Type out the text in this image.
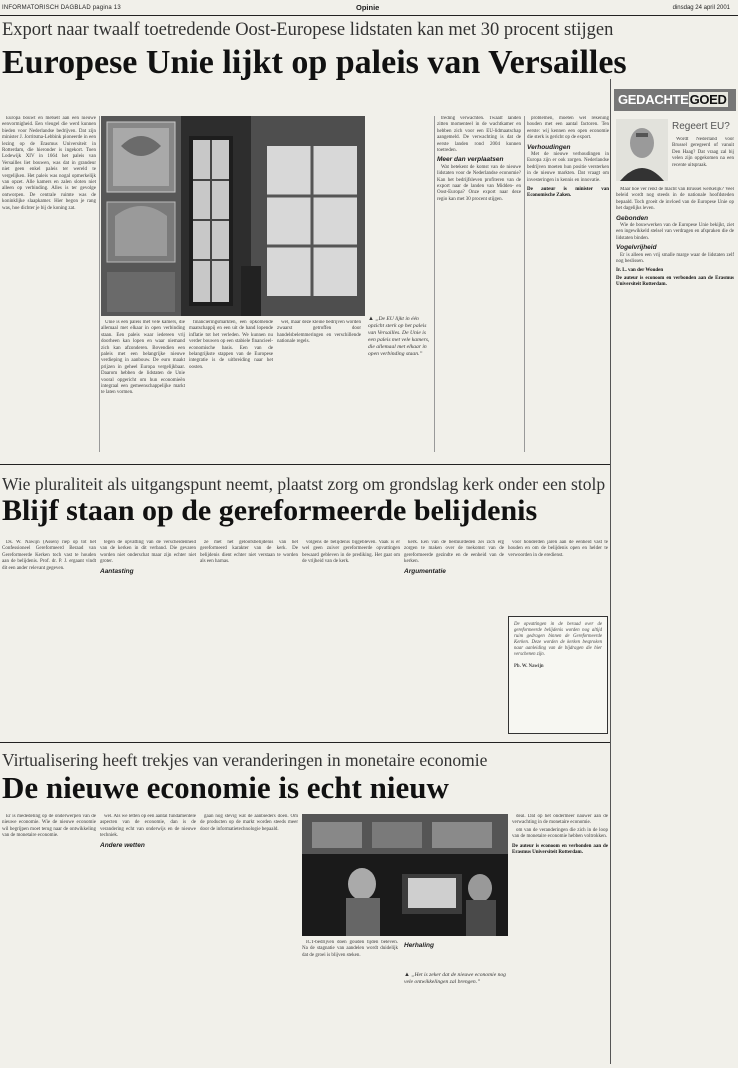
INFORMATORISCH DAGBLAD pagina 13	Opinie	dinsdag 24 april 2001
Export naar twaalf toetredende Oost-Europese lidstaten kan met 30 procent stijgen
Europese Unie lijkt op paleis van Versailles

Europa bouwt en metselt aan een nieuwe eenvormigheid. Een vleugel die werd kunnen bieden voor Nederlandse bedrijven. Dat zijn minister J. Jorritsma-Lebbink pioneerde in een lezing op de Erasmus Universiteit in Rotterdam, die hieronder is ingekort. Toen Lodewijk XIV in 1664 het paleis van Versailles liet bouwen, was dat in grandeur niet geen enkel paleis ter wereld te vergelijken. Het paleis was nogal opmerkelijk van opzet. Alle kamers en zalen sloten niet alleen op verbinding. Alles is ter gevolge ontworpen. De centrale ruimte was de koninklijke slaapkamer. Hier begon je rang was, hoe dichter je bij de koning zat.

▲ „De EU lijkt in één opzicht sterk op het paleis van Versailles. De Unie is een paleis met vele kamers, die allemaal met elkaar in open verbinding staan.”

Unie is een paleis met vele kamers, die allemaal met elkaar in open verbinding staan. Een paleis waar iedereen vrij doorheen kan lopen en waar niemand zich kan afzonderen. Bovendien een paleis met een belangrijke nieuwe verdieping in aanbouw. De euro maakt prijzen in geheel Europa vergelijkbaar. Daarom hebben de lidstaten de Unie vooral opgericht om hun economieën integraal een gemeenschappelijke markt te laten vormen.

financieringsmarkten, een opkomende maatschappij en een uit de hand lopende inflatie tot het verleden. We kunnen nu verder bouwen op een stabiele financieel-economische basis. Een van de belangrijkste stappen van de Europese integratie is de uitbreiding naar het oosten.

wel, maar deze kleine bedrijven worden zwaarst getroffen door handelsbelemmeringen en verschillende nationale regels.

treding verwachten. Twaalf landen zitten momenteel in de wachtkamer en hebben zich voor een EU-lidmaatschap aangemeld. De verwachting is dat de eerste landen rond 2004 kunnen toetreden.

Meer dan verplaatsen

Wat betekent de komst van de nieuwe lidstaten voor de Nederlandse economie? Kan het bedrijfsleven profiteren van de export naar de landen van Midden- en Oost-Europa? Onze export naar deze regio kan met 30 procent stijgen.

problemen, moeten wel rekening houden met een aantal factoren. Ten eerste: wij kennen een open economie die sterk is gericht op de export.

Verhoudingen

Met de nieuwe verhoudingen in Europa zijn er ook zorgen. Nederlandse bedrijven moeten hun positie versterken in de nieuwe markten. Dat vraagt om investeringen in kennis en innovatie.

De auteur is minister van Economische Zaken.

Wie pluraliteit als uitgangspunt neemt, plaatst zorg om grondslag kerk onder een stolp
Blijf staan op de gereformeerde belijdenis

Ds. W. Nawijn (Assen) riep op tot het Confessioneel Gereformeerd Beraad van Gereformeerde Kerken toch vast te houden aan de belijdenis. Prof. dr. P. J. ergaant vindt dit een ander relevant gegeven.

tegen de opvatting van de verscheidenheid van de kerken in dit verband. Die gevaren worden niet onderschat maar zijn echter niet groter.

Aantasting

ze met het geloofsbelijdenis van het gereformeerd karakter van de kerk. De belijdenis dient echter niet verstaan te worden als een harnas.

volgens de belijdenis bijgebleven. Vaak is er wel geen zuiver gereformeerde opvattingen bewaard gebleven in de prediking. Het gaat om de vrijheid van de kerk.

kerk. Een van de bestuurdeden zei zich erg zorgen te maken over de toekomst van de gereformeerde gezindte en de eenheid van de kerken.

Argumentatie

voor honderden jaren aan de eenheid vast te houden en om de belijdenis open en helder te verwoorden in de eredienst.

De opvattingen in de beraad over de gereformeerde belijdenis worden nog altijd ruim gedragen binnen de Gereformeerde Kerken. Deze worden de kerken besproken naar aanleiding van de bijdragen die hier verschenen zijn.

Pb. W. Nawijn
Virtualisering heeft trekjes van veranderingen in monetaire economie
De nieuwe economie is echt nieuw

Er is mededeling op de onderwerpen van de nieuwe economie. Wie de nieuwe economie wil begrijpen moet terug naar de ontwikkeling van de monetaire economie.

wel. Als we letten op een aantal fundamentele aspecten van de economie, dan is de verandering echt van onderwijs en de nieuwe techniek.

Andere wetten

gaan nog stevig wat de aanbieders doen. Om de producten op de markt worden steeds meer door de informatietechnologie bepaald.

ICT-bedrijven doen gouden tijden beleven. Na de stagnatie van aandelen wordt duidelijk dat de groei is blijven steken.

Herhaling

▲ „Het is zeker dat de nieuwe economie nog vele ontwikkelingen zal brengen.”

deal. Dat op het ondermeer nauwer aan de verwachting in de monetaire economie.

om van de veranderingen die zich in de loop van de monetaire economie hebben voltrokken.

De auteur is econoom en verbonden aan de Erasmus Universiteit Rotterdam.

GEDACHTEGOED
Regeert EU?

Wordt Nederland voor Brussel geregeerd of vanuit Den Haag? Dat vraag zal bij velen zijn opgekomen na een recente uitspraak.

Maar hoe ver reikt de macht van Brussel werkelijk? Veel beleid wordt nog steeds in de nationale hoofdsteden bepaald. Toch groeit de invloed van de Europese Unie op het dagelijks leven.

Gebonden

Wie de bouwwerken van de Europese Unie bekijkt, ziet een ingewikkeld stelsel van verdragen en afspraken die de lidstaten binden.

Vogelvrijheid

Er is alleen een vrij smalle marge waar de lidstaten zelf nog beslissen.

Ir. L. van der Wouden

De auteur is econoom en verbonden aan de Erasmus Universiteit Rotterdam.
